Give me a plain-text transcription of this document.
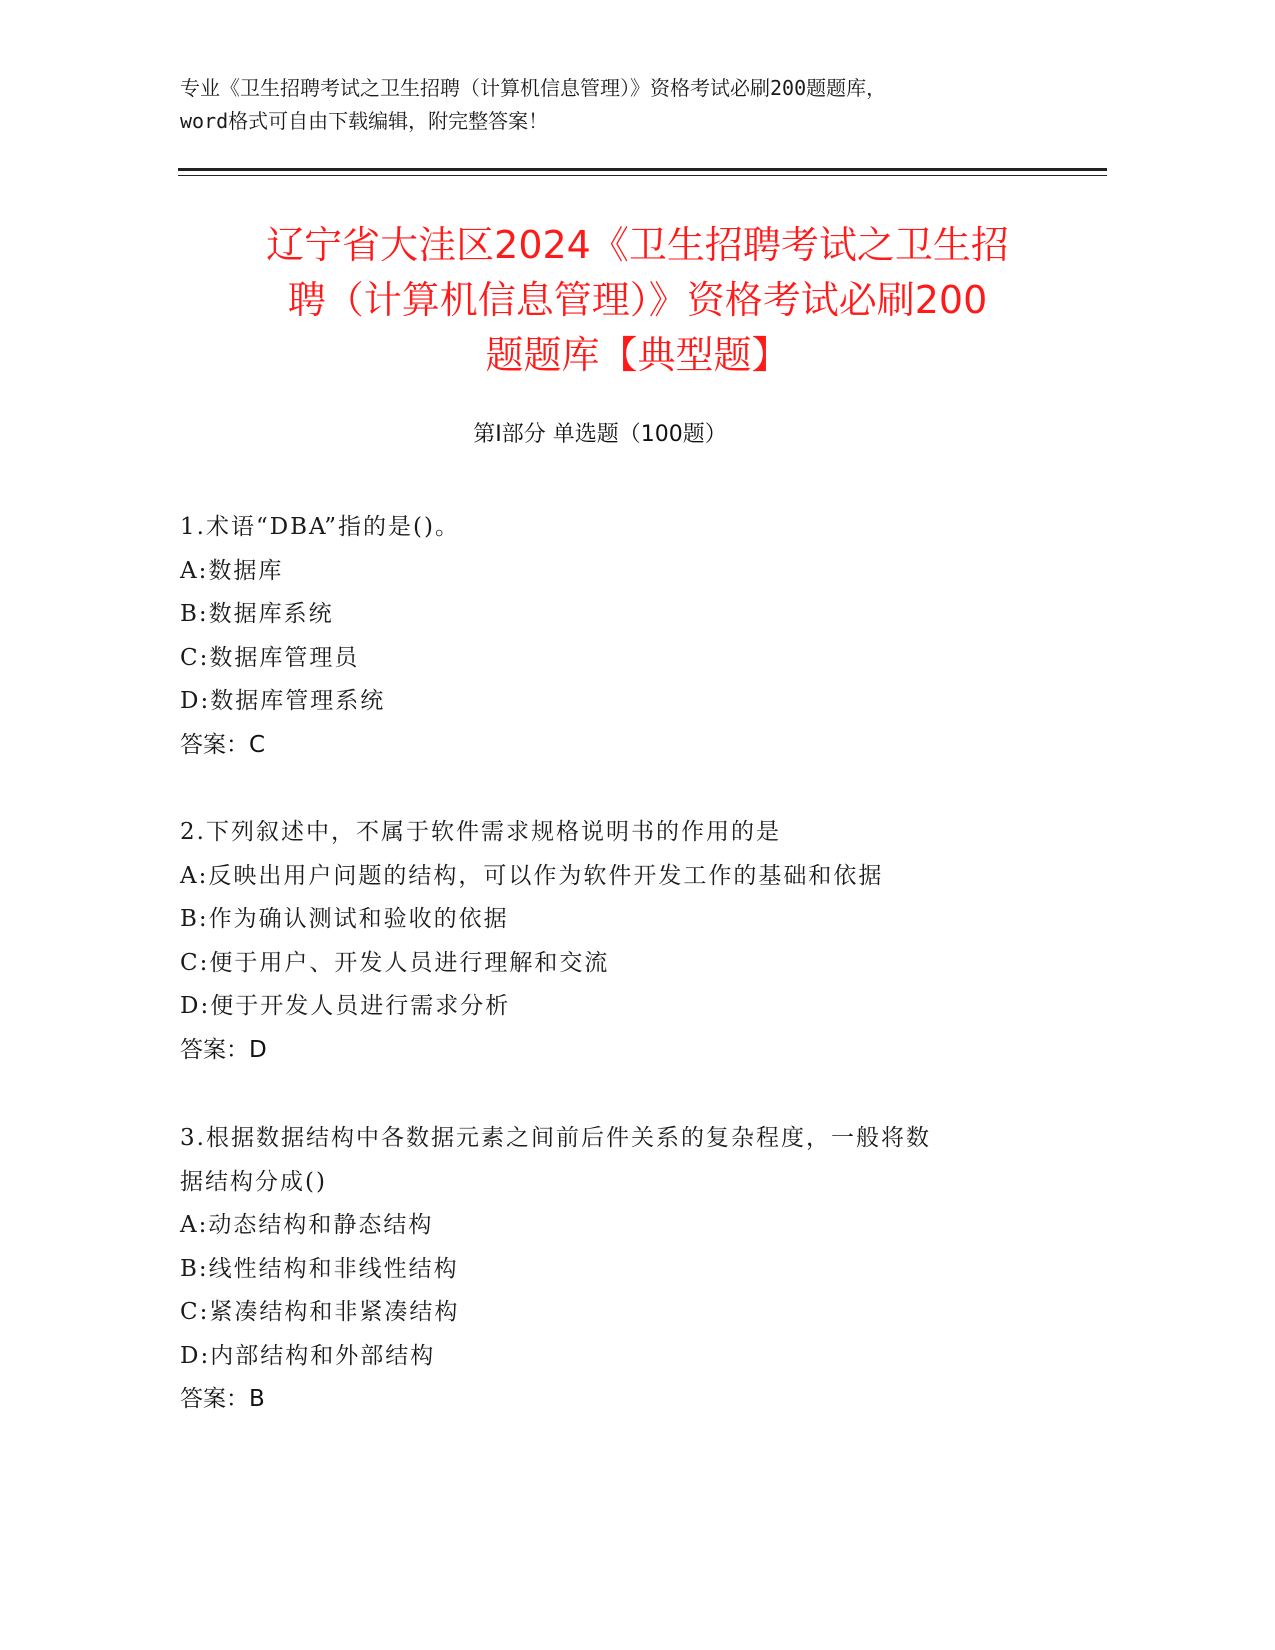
专业《卫生招聘考试之卫生招聘（计算机信息管理）》资格考试必刷200题题库，
word格式可自由下载编辑，附完整答案！
辽宁省大洼区2024《卫生招聘考试之卫生招
聘（计算机信息管理）》资格考试必刷200
题题库【典型题】
第Ⅰ部分 单选题（100题）
1.术语“DBA”指的是()。
A:数据库
B:数据库系统
C:数据库管理员
D:数据库管理系统
答案：C
2.下列叙述中，不属于软件需求规格说明书的作用的是
A:反映出用户问题的结构，可以作为软件开发工作的基础和依据
B:作为确认测试和验收的依据
C:便于用户、开发人员进行理解和交流
D:便于开发人员进行需求分析
答案：D
3.根据数据结构中各数据元素之间前后件关系的复杂程度，一般将数
据结构分成()
A:动态结构和静态结构
B:线性结构和非线性结构
C:紧凑结构和非紧凑结构
D:内部结构和外部结构
答案：B
